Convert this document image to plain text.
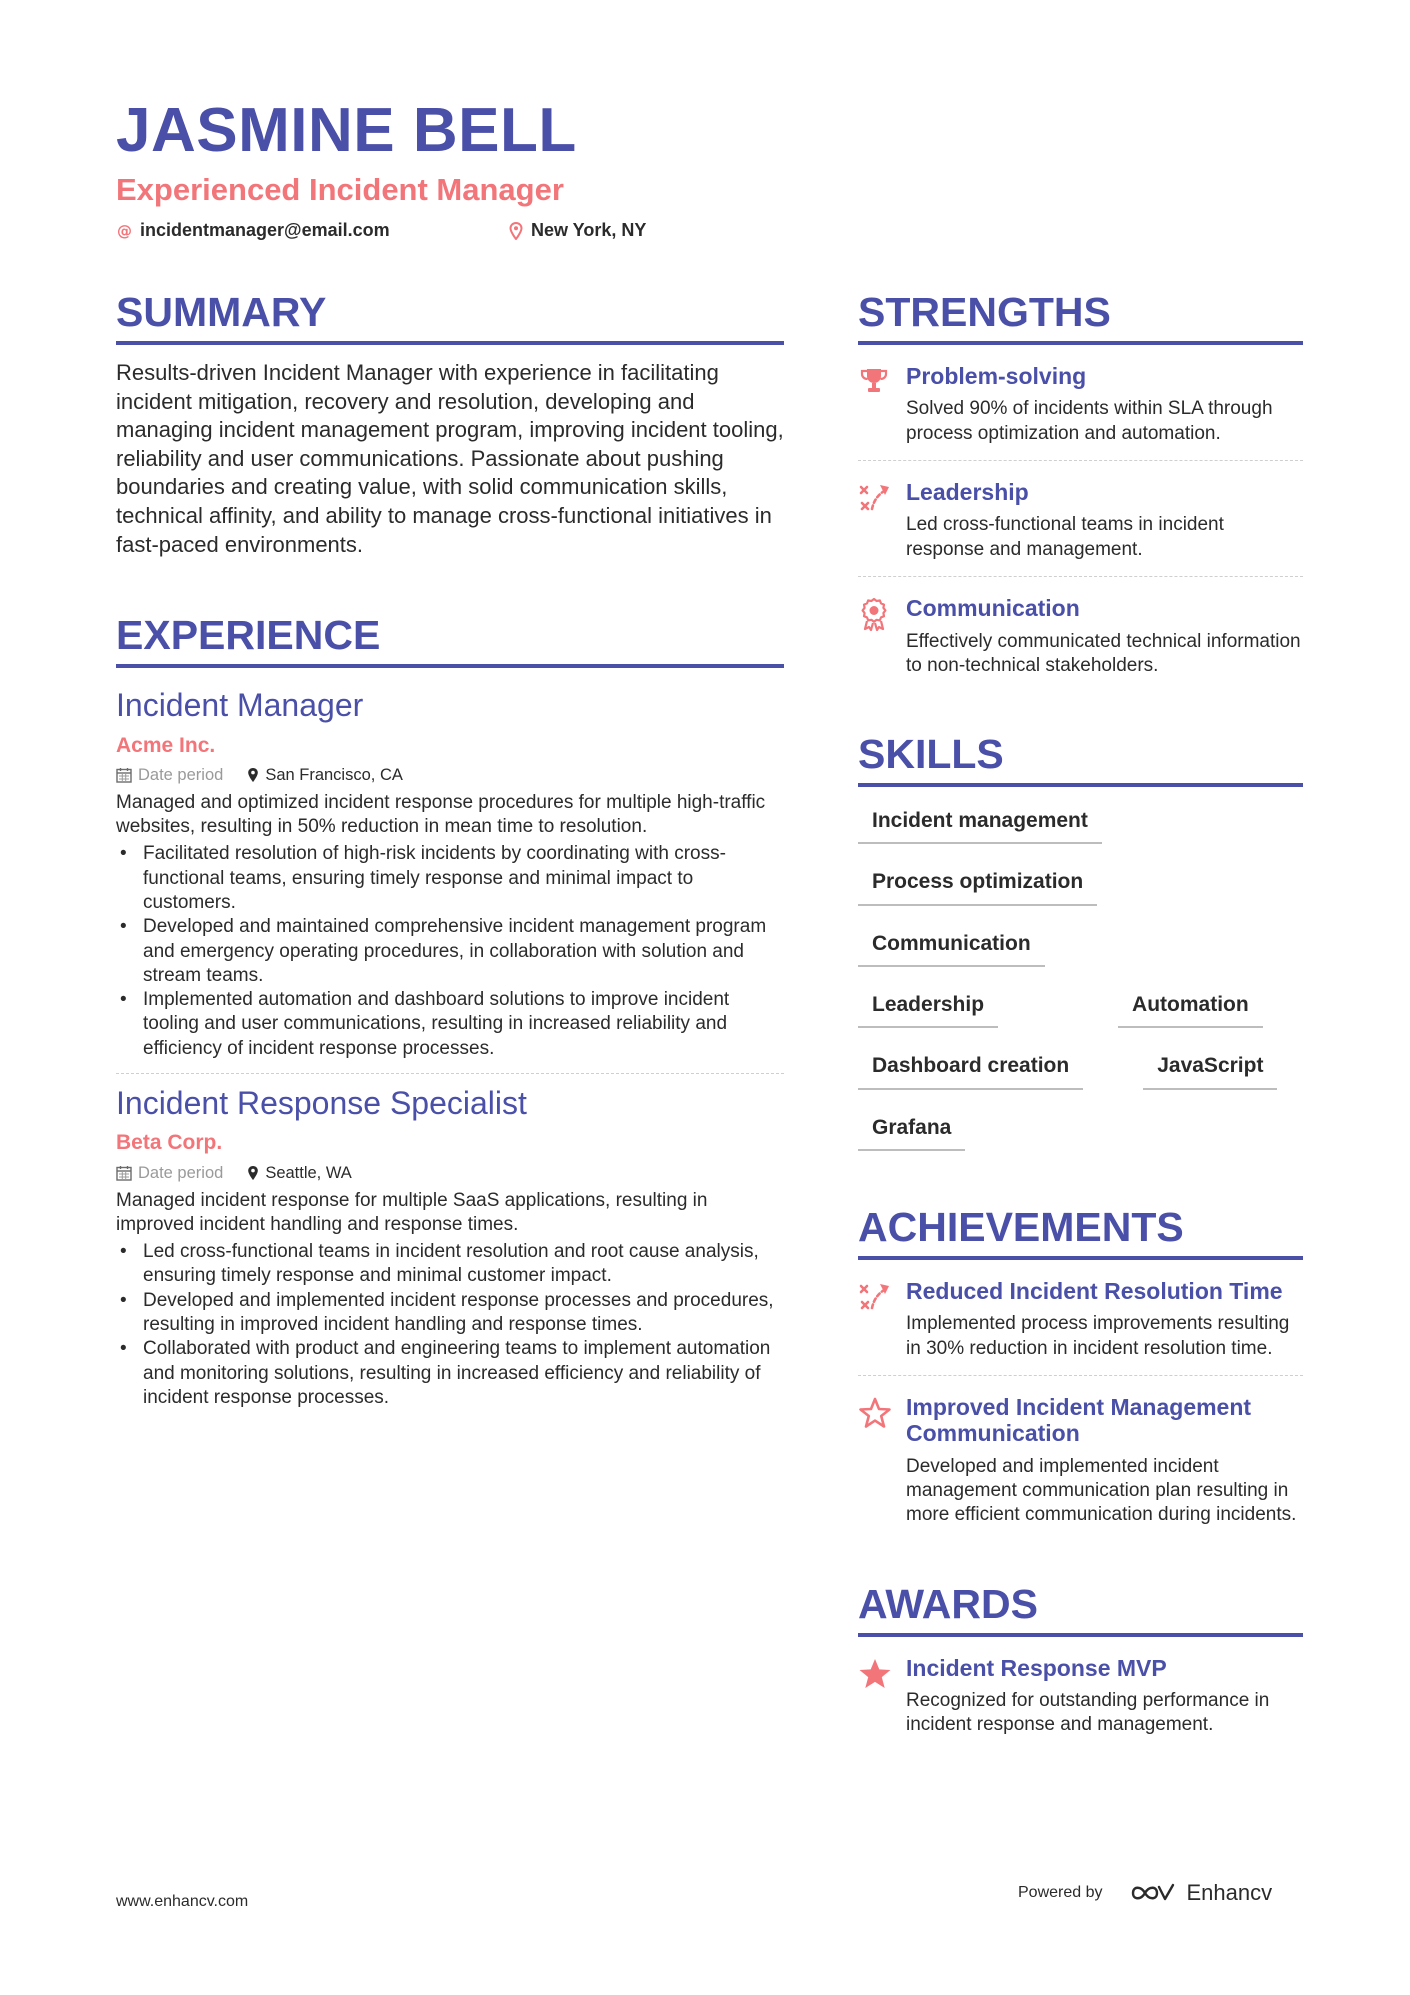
JASMINE BELL
Experienced Incident Manager
@ incidentmanager@email.com	New York, NY
SUMMARY

Results-driven Incident Manager with experience in facilitating incident mitigation, recovery and resolution, developing and managing incident management program, improving incident tooling, reliability and user communications. Passionate about pushing boundaries and creating value, with solid communication skills, technical affinity, and ability to manage cross-functional initiatives in fast-paced environments.

EXPERIENCE
Incident Manager
Acme Inc.
Date period	San Francisco, CA

Managed and optimized incident response procedures for multiple high-traffic websites, resulting in 50% reduction in mean time to resolution.

• Facilitated resolution of high-risk incidents by coordinating with cross-functional teams, ensuring timely response and minimal impact to customers.
• Developed and maintained comprehensive incident management program and emergency operating procedures, in collaboration with solution and stream teams.
• Implemented automation and dashboard solutions to improve incident tooling and user communications, resulting in increased reliability and efficiency of incident response processes.
Incident Response Specialist
Beta Corp.
Date period	Seattle, WA

Managed incident response for multiple SaaS applications, resulting in improved incident handling and response times.

• Led cross-functional teams in incident resolution and root cause analysis, ensuring timely response and minimal customer impact.
• Developed and implemented incident response processes and procedures, resulting in improved incident handling and response times.
• Collaborated with product and engineering teams to implement automation and monitoring solutions, resulting in increased efficiency and reliability of incident response processes.
STRENGTHS
Problem-solving

Solved 90% of incidents within SLA through process optimization and automation.

Leadership

Led cross-functional teams in incident response and management.

Communication

Effectively communicated technical information to non-technical stakeholders.

SKILLS
Incident management
Process optimization
Communication
Leadership	Automation
Dashboard creation	JavaScript
Grafana
ACHIEVEMENTS
Reduced Incident Resolution Time

Implemented process improvements resulting in 30% reduction in incident resolution time.

Improved Incident Management Communication

Developed and implemented incident management communication plan resulting in more efficient communication during incidents.

AWARDS
Incident Response MVP

Recognized for outstanding performance in incident response and management.

www.enhancv.com
Powered by	Enhancv
